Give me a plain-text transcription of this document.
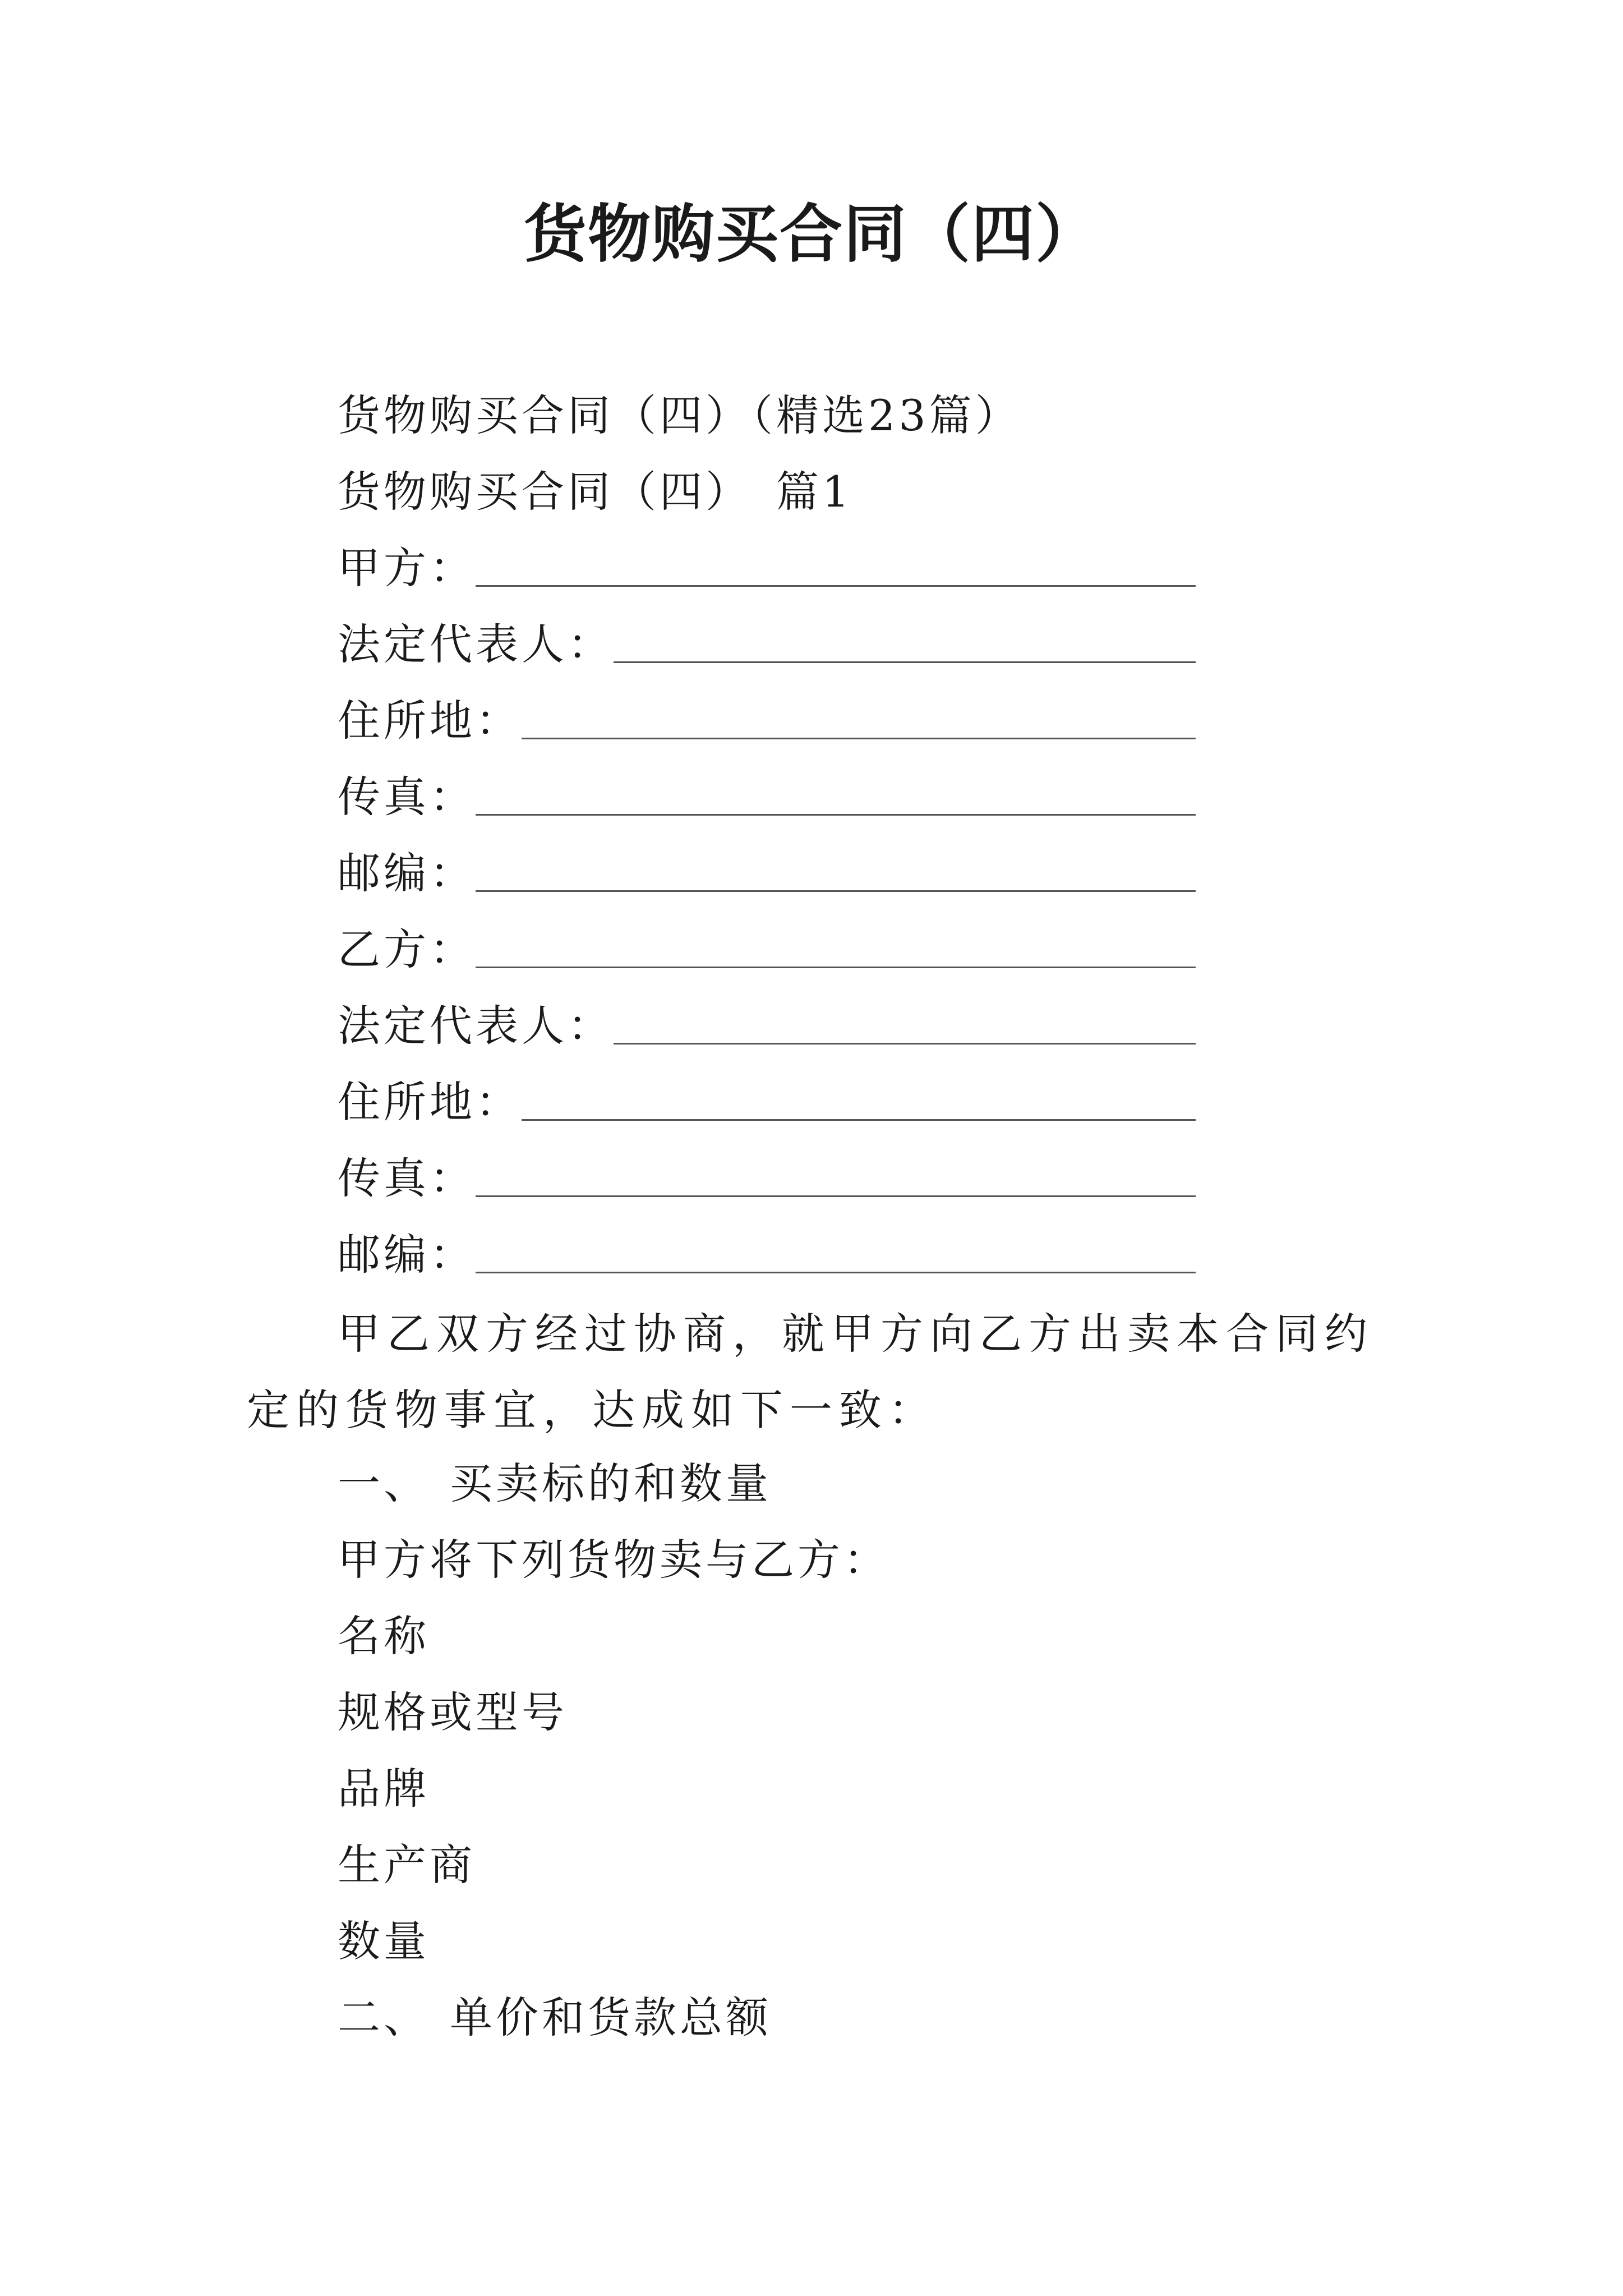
货物购买合同（四）
货物购买合同（四）（精选23篇）
货物购买合同（四）　篇1
甲方：
法定代表人：
住所地：
传真：
邮编：
乙方：
法定代表人：
住所地：
传真：
邮编：
甲乙双方经过协商，就甲方向乙方出卖本合同约定的货物事宜，达成如下一致：
一、 买卖标的和数量
甲方将下列货物卖与乙方：
名称
规格或型号
品牌
生产商
数量
二、 单价和货款总额
